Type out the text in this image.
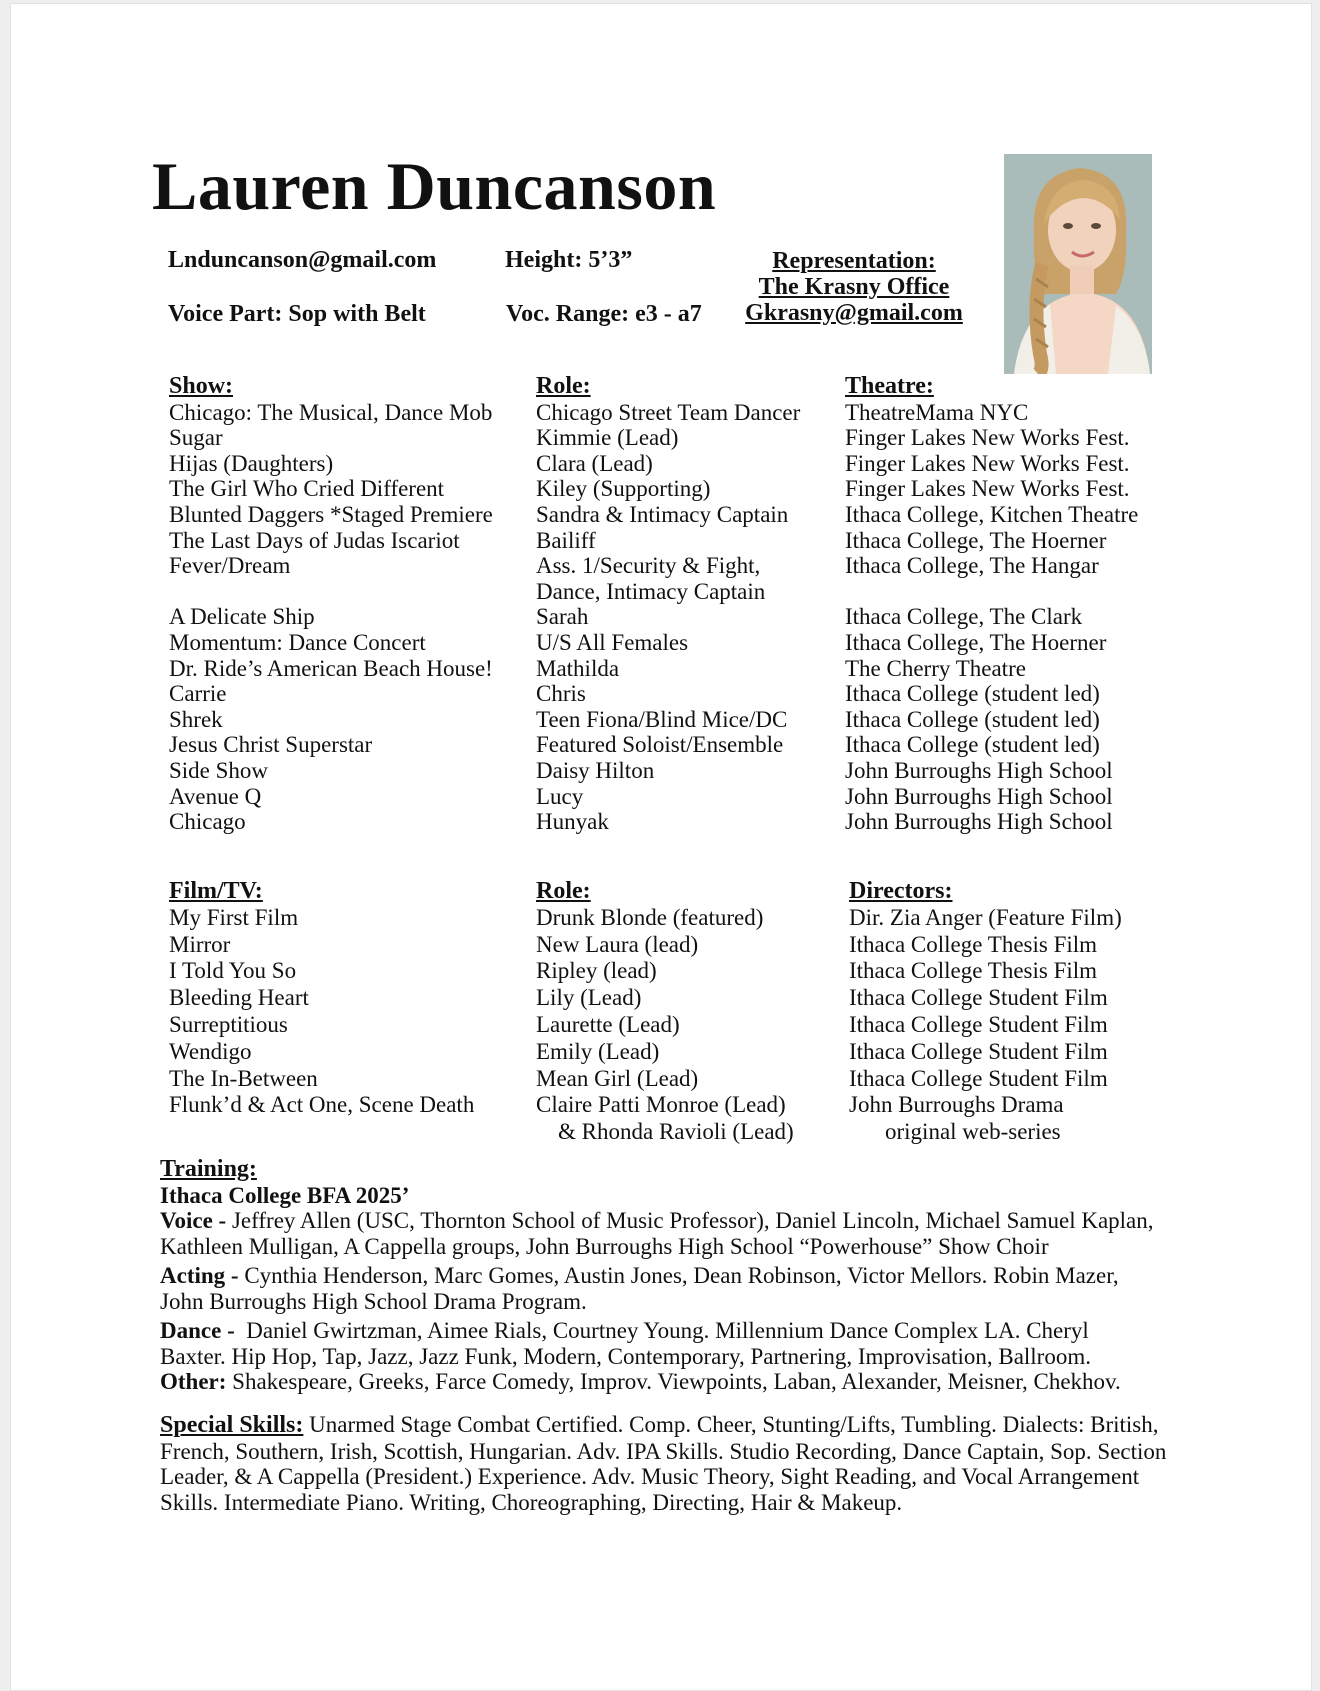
Lauren Duncanson
Lnduncanson@gmail.com	Height: 5’3”
Voice Part: Sop with Belt	Voc. Range: e3 - a7
Representation:
The Krasny Office
Gkrasny@gmail.com
Show:
Chicago: The Musical, Dance Mob
Sugar
Hijas (Daughters)
The Girl Who Cried Different
Blunted Daggers *Staged Premiere
The Last Days of Judas Iscariot
Fever/Dream

A Delicate Ship
Momentum: Dance Concert
Dr. Ride’s American Beach House!
Carrie
Shrek
Jesus Christ Superstar
Side Show
Avenue Q
Chicago
Role:
Chicago Street Team Dancer
Kimmie (Lead)
Clara (Lead)
Kiley (Supporting)
Sandra & Intimacy Captain
Bailiff
Ass. 1/Security & Fight,
Dance, Intimacy Captain
Sarah
U/S All Females
Mathilda
Chris
Teen Fiona/Blind Mice/DC
Featured Soloist/Ensemble
Daisy Hilton
Lucy
Hunyak
Theatre:
TheatreMama NYC
Finger Lakes New Works Fest.
Finger Lakes New Works Fest.
Finger Lakes New Works Fest.
Ithaca College, Kitchen Theatre
Ithaca College, The Hoerner
Ithaca College, The Hangar

Ithaca College, The Clark
Ithaca College, The Hoerner
The Cherry Theatre
Ithaca College (student led)
Ithaca College (student led)
Ithaca College (student led)
John Burroughs High School
John Burroughs High School
John Burroughs High School
Film/TV:
My First Film
Mirror
I Told You So
Bleeding Heart
Surreptitious
Wendigo
The In-Between
Flunk’d & Act One, Scene Death
Role:
Drunk Blonde (featured)
New Laura (lead)
Ripley (lead)
Lily (Lead)
Laurette (Lead)
Emily (Lead)
Mean Girl (Lead)
Claire Patti Monroe (Lead)
& Rhonda Ravioli (Lead)
Directors:
Dir. Zia Anger (Feature Film)
Ithaca College Thesis Film
Ithaca College Thesis Film
Ithaca College Student Film
Ithaca College Student Film
Ithaca College Student Film
Ithaca College Student Film
John Burroughs Drama
original web-series
Training:
Ithaca College BFA 2025’

Voice - Jeffrey Allen (USC, Thornton School of Music Professor), Daniel Lincoln, Michael Samuel Kaplan, Kathleen Mulligan, A Cappella groups, John Burroughs High School “Powerhouse” Show Choir

Acting - Cynthia Henderson, Marc Gomes, Austin Jones, Dean Robinson, Victor Mellors. Robin Mazer, John Burroughs High School Drama Program.

Dance - Daniel Gwirtzman, Aimee Rials, Courtney Young. Millennium Dance Complex LA. Cheryl Baxter. Hip Hop, Tap, Jazz, Jazz Funk, Modern, Contemporary, Partnering, Improvisation, Ballroom.

Other: Shakespeare, Greeks, Farce Comedy, Improv. Viewpoints, Laban, Alexander, Meisner, Chekhov.

Special Skills: Unarmed Stage Combat Certified. Comp. Cheer, Stunting/Lifts, Tumbling. Dialects: British, French, Southern, Irish, Scottish, Hungarian. Adv. IPA Skills. Studio Recording, Dance Captain, Sop. Section Leader, & A Cappella (President.) Experience. Adv. Music Theory, Sight Reading, and Vocal Arrangement Skills. Intermediate Piano. Writing, Choreographing, Directing, Hair & Makeup.
